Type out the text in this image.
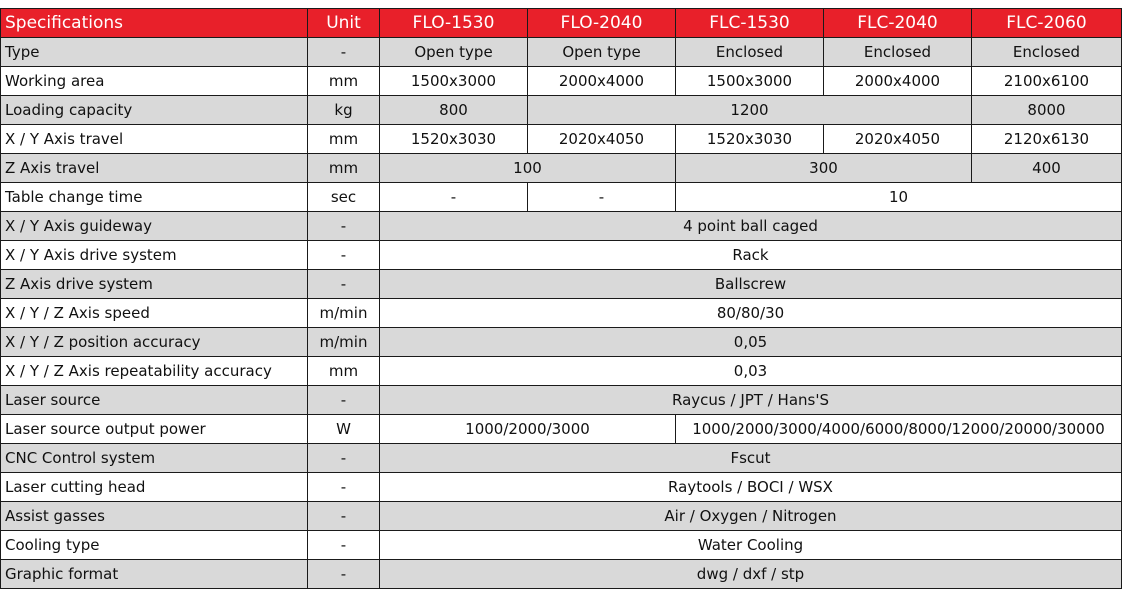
Specifications	Unit	FLO-1530	FLO-2040	FLC-1530	FLC-2040	FLC-2060
Type	-	Open type	Open type	Enclosed	Enclosed	Enclosed
Working area	mm	1500x3000	2000x4000	1500x3000	2000x4000	2100x6100
Loading capacity	kg	800	1200			8000
X / Y Axis travel	mm	1520x3030	2020x4050	1520x3030	2020x4050	2120x6130
Z Axis travel	mm	100		300		400
Table change time	sec	-	-	10		
X / Y Axis guideway	-	4 point ball caged				
X / Y Axis drive system	-	Rack				
Z Axis drive system	-	Ballscrew				
X / Y / Z Axis speed	m/min	80/80/30				
X / Y / Z position accuracy	m/min	0,05				
X / Y / Z Axis repeatability accuracy	mm	0,03				
Laser source	-	Raycus / JPT / Hans'S				
Laser source output power	W	1000/2000/3000		1000/2000/3000/4000/6000/8000/12000/20000/30000		
CNC Control system	-	Fscut				
Laser cutting head	-	Raytools / BOCI / WSX				
Assist gasses	-	Air / Oxygen / Nitrogen				
Cooling type	-	Water Cooling				
Graphic format	-	dwg / dxf / stp				
